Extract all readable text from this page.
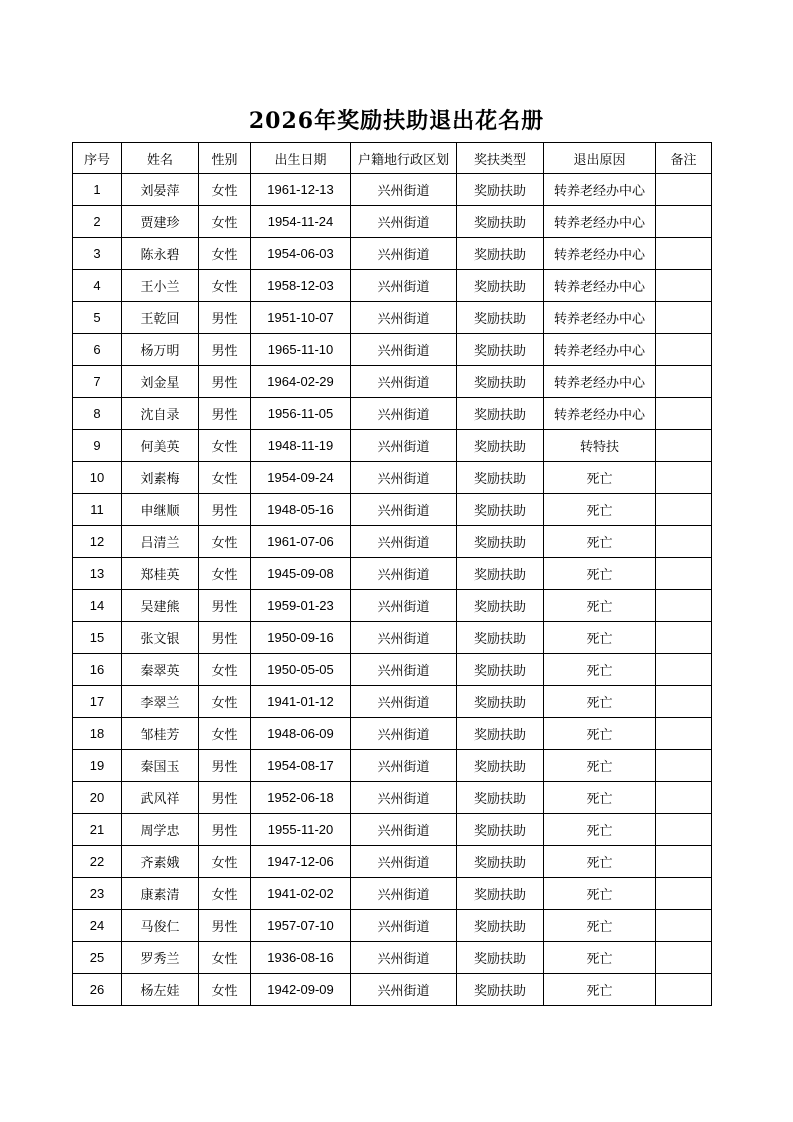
2026年奖励扶助退出花名册
序号	姓名	性别	出生日期	户籍地行政区划	奖扶类型	退出原因	备注
1	刘晏萍	女性	1961-12-13	兴州街道	奖励扶助	转养老经办中心	
2	贾建珍	女性	1954-11-24	兴州街道	奖励扶助	转养老经办中心	
3	陈永碧	女性	1954-06-03	兴州街道	奖励扶助	转养老经办中心	
4	王小兰	女性	1958-12-03	兴州街道	奖励扶助	转养老经办中心	
5	王乾回	男性	1951-10-07	兴州街道	奖励扶助	转养老经办中心	
6	杨万明	男性	1965-11-10	兴州街道	奖励扶助	转养老经办中心	
7	刘金星	男性	1964-02-29	兴州街道	奖励扶助	转养老经办中心	
8	沈自录	男性	1956-11-05	兴州街道	奖励扶助	转养老经办中心	
9	何美英	女性	1948-11-19	兴州街道	奖励扶助	转特扶	
10	刘素梅	女性	1954-09-24	兴州街道	奖励扶助	死亡	
11	申继顺	男性	1948-05-16	兴州街道	奖励扶助	死亡	
12	吕清兰	女性	1961-07-06	兴州街道	奖励扶助	死亡	
13	郑桂英	女性	1945-09-08	兴州街道	奖励扶助	死亡	
14	吴建熊	男性	1959-01-23	兴州街道	奖励扶助	死亡	
15	张文银	男性	1950-09-16	兴州街道	奖励扶助	死亡	
16	秦翠英	女性	1950-05-05	兴州街道	奖励扶助	死亡	
17	李翠兰	女性	1941-01-12	兴州街道	奖励扶助	死亡	
18	邹桂芳	女性	1948-06-09	兴州街道	奖励扶助	死亡	
19	秦国玉	男性	1954-08-17	兴州街道	奖励扶助	死亡	
20	武风祥	男性	1952-06-18	兴州街道	奖励扶助	死亡	
21	周学忠	男性	1955-11-20	兴州街道	奖励扶助	死亡	
22	齐素娥	女性	1947-12-06	兴州街道	奖励扶助	死亡	
23	康素清	女性	1941-02-02	兴州街道	奖励扶助	死亡	
24	马俊仁	男性	1957-07-10	兴州街道	奖励扶助	死亡	
25	罗秀兰	女性	1936-08-16	兴州街道	奖励扶助	死亡	
26	杨左娃	女性	1942-09-09	兴州街道	奖励扶助	死亡	
